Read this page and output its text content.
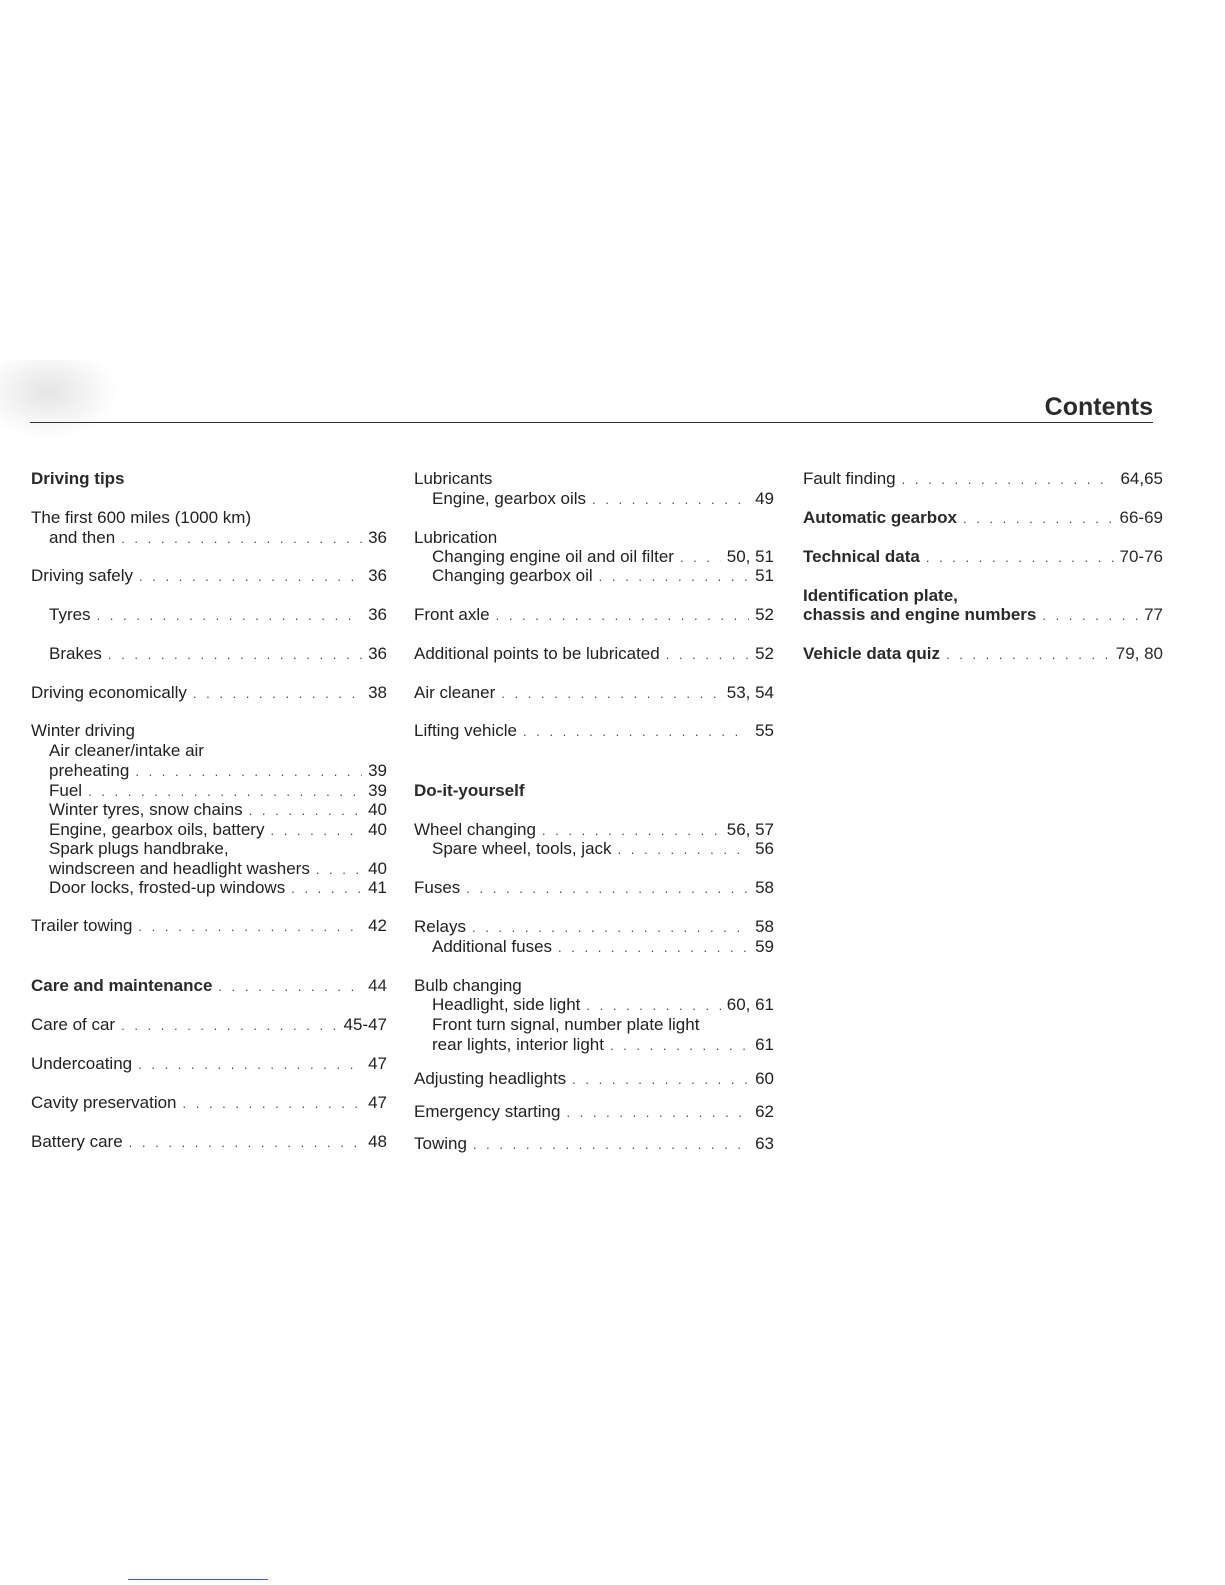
Contents
Driving tips
The first 600 miles (1000 km)
and then . . .	36
Driving safely . . .	36
Tyres . . .	36
Brakes . . .	36
Driving economically . . .	38
Winter driving
Air cleaner/intake air
preheating . . .	39
Fuel . . .	39
Winter tyres, snow chains . . .	40
Engine, gearbox oils, battery . . .	40
Spark plugs handbrake,
windscreen and headlight washers . . .	40
Door locks, frosted-up windows . . .	41
Trailer towing . . .	42
Care and maintenance . . .	44
Care of car . . .	45-47
Undercoating . . .	47
Cavity preservation . . .	47
Battery care . . .	48
Lubricants
Engine, gearbox oils . . .	49
Lubrication
Changing engine oil and oil filter . . .	50, 51
Changing gearbox oil . . .	51
Front axle . . .	52
Additional points to be lubricated . . .	52
Air cleaner . . .	53, 54
Lifting vehicle . . .	55
Do-it-yourself
Wheel changing . . .	56, 57
Spare wheel, tools, jack . . .	56
Fuses . . .	58
Relays . . .	58
Additional fuses . . .	59
Bulb changing
Headlight, side light . . .	60, 61
Front turn signal, number plate light
rear lights, interior light . . .	61
Adjusting headlights . . .	60
Emergency starting . . .	62
Towing . . .	63
Fault finding . . .	64,65
Automatic gearbox . . .	66-69
Technical data . . .	70-76
Identification plate,
chassis and engine numbers . . .	77
Vehicle data quiz . . .	79, 80
